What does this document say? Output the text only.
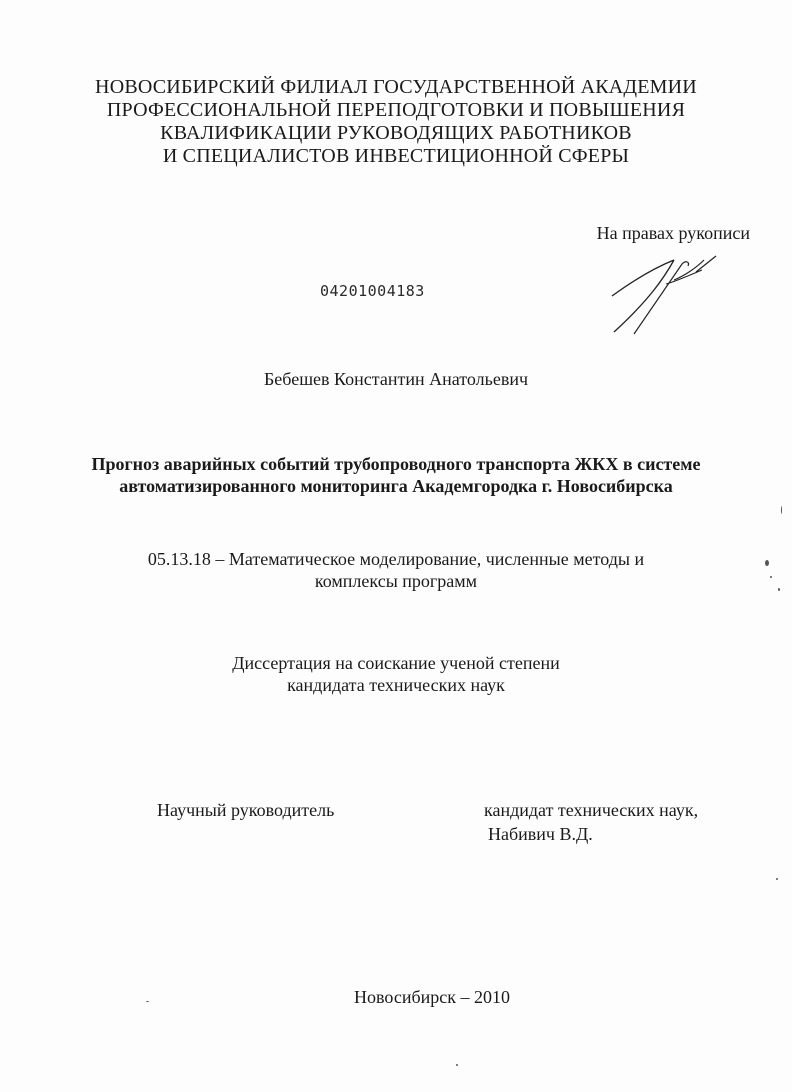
НОВОСИБИРСКИЙ ФИЛИАЛ ГОСУДАРСТВЕННОЙ АКАДЕМИИ
ПРОФЕССИОНАЛЬНОЙ ПЕРЕПОДГОТОВКИ И ПОВЫШЕНИЯ
КВАЛИФИКАЦИИ РУКОВОДЯЩИХ РАБОТНИКОВ
И СПЕЦИАЛИСТОВ ИНВЕСТИЦИОННОЙ СФЕРЫ
На правах рукописи
04201004183
Бебешев Константин Анатольевич
Прогноз аварийных событий трубопроводного транспорта ЖКХ в системе
автоматизированного мониторинга Академгородка г. Новосибирска
05.13.18 – Математическое моделирование, численные методы и
комплексы программ
Диссертация на соискание ученой степени
кандидата технических наук
Научный руководитель	кандидат технических наук,
Набивич В.Д.
Новосибирск – 2010
